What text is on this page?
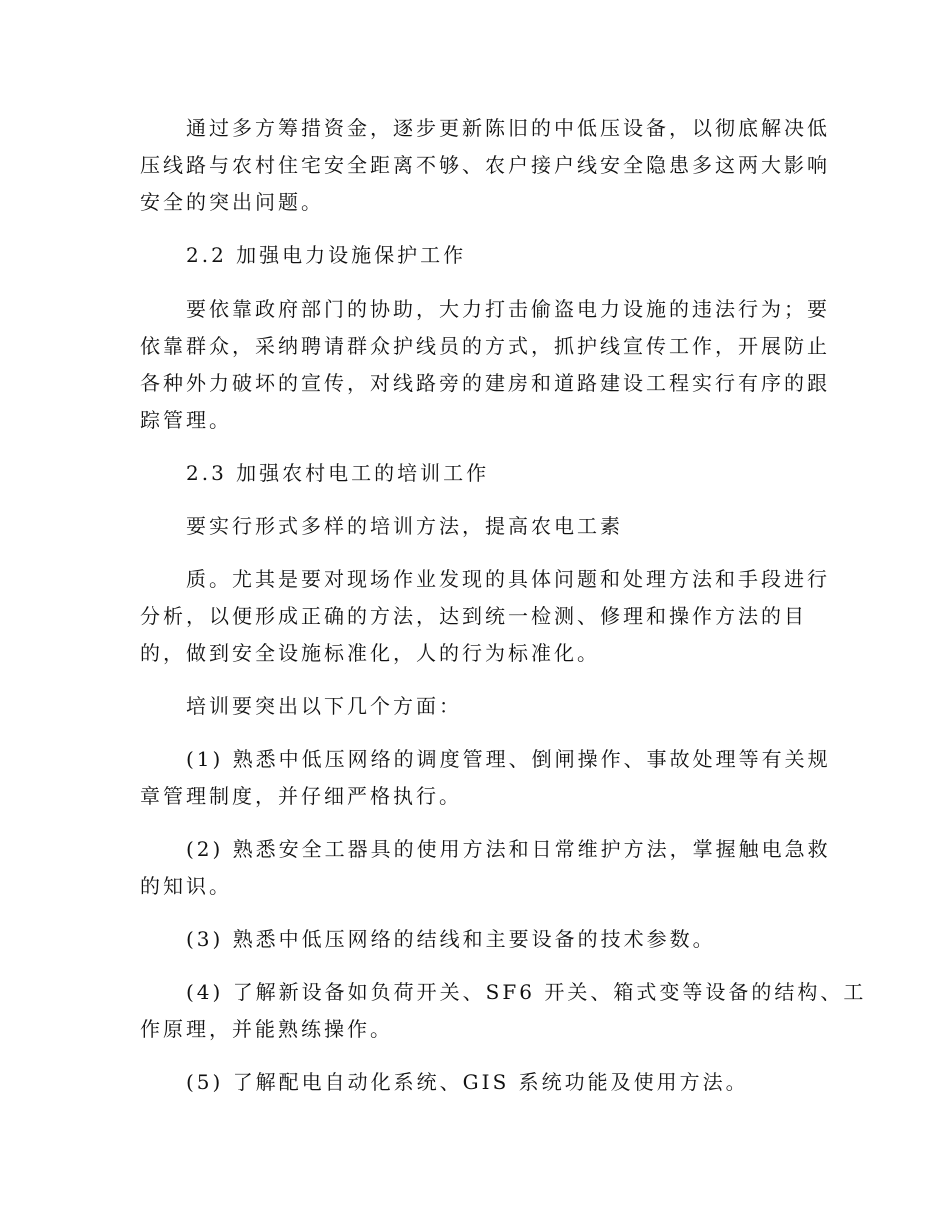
通过多方筹措资金，逐步更新陈旧的中低压设备，以彻底解决低
压线路与农村住宅安全距离不够、农户接户线安全隐患多这两大影响
安全的突出问题。
2.2 加强电力设施保护工作
要依靠政府部门的协助，大力打击偷盗电力设施的违法行为；要
依靠群众，采纳聘请群众护线员的方式，抓护线宣传工作，开展防止
各种外力破坏的宣传，对线路旁的建房和道路建设工程实行有序的跟
踪管理。
2.3 加强农村电工的培训工作
要实行形式多样的培训方法，提高农电工素
质。尤其是要对现场作业发现的具体问题和处理方法和手段进行
分析，以便形成正确的方法，达到统一检测、修理和操作方法的目
的，做到安全设施标准化，人的行为标准化。
培训要突出以下几个方面：
(1) 熟悉中低压网络的调度管理、倒闸操作、事故处理等有关规
章管理制度，并仔细严格执行。
(2) 熟悉安全工器具的使用方法和日常维护方法，掌握触电急救
的知识。
(3) 熟悉中低压网络的结线和主要设备的技术参数。
(4) 了解新设备如负荷开关、SF6 开关、箱式变等设备的结构、工
作原理，并能熟练操作。
(5) 了解配电自动化系统、GIS 系统功能及使用方法。
